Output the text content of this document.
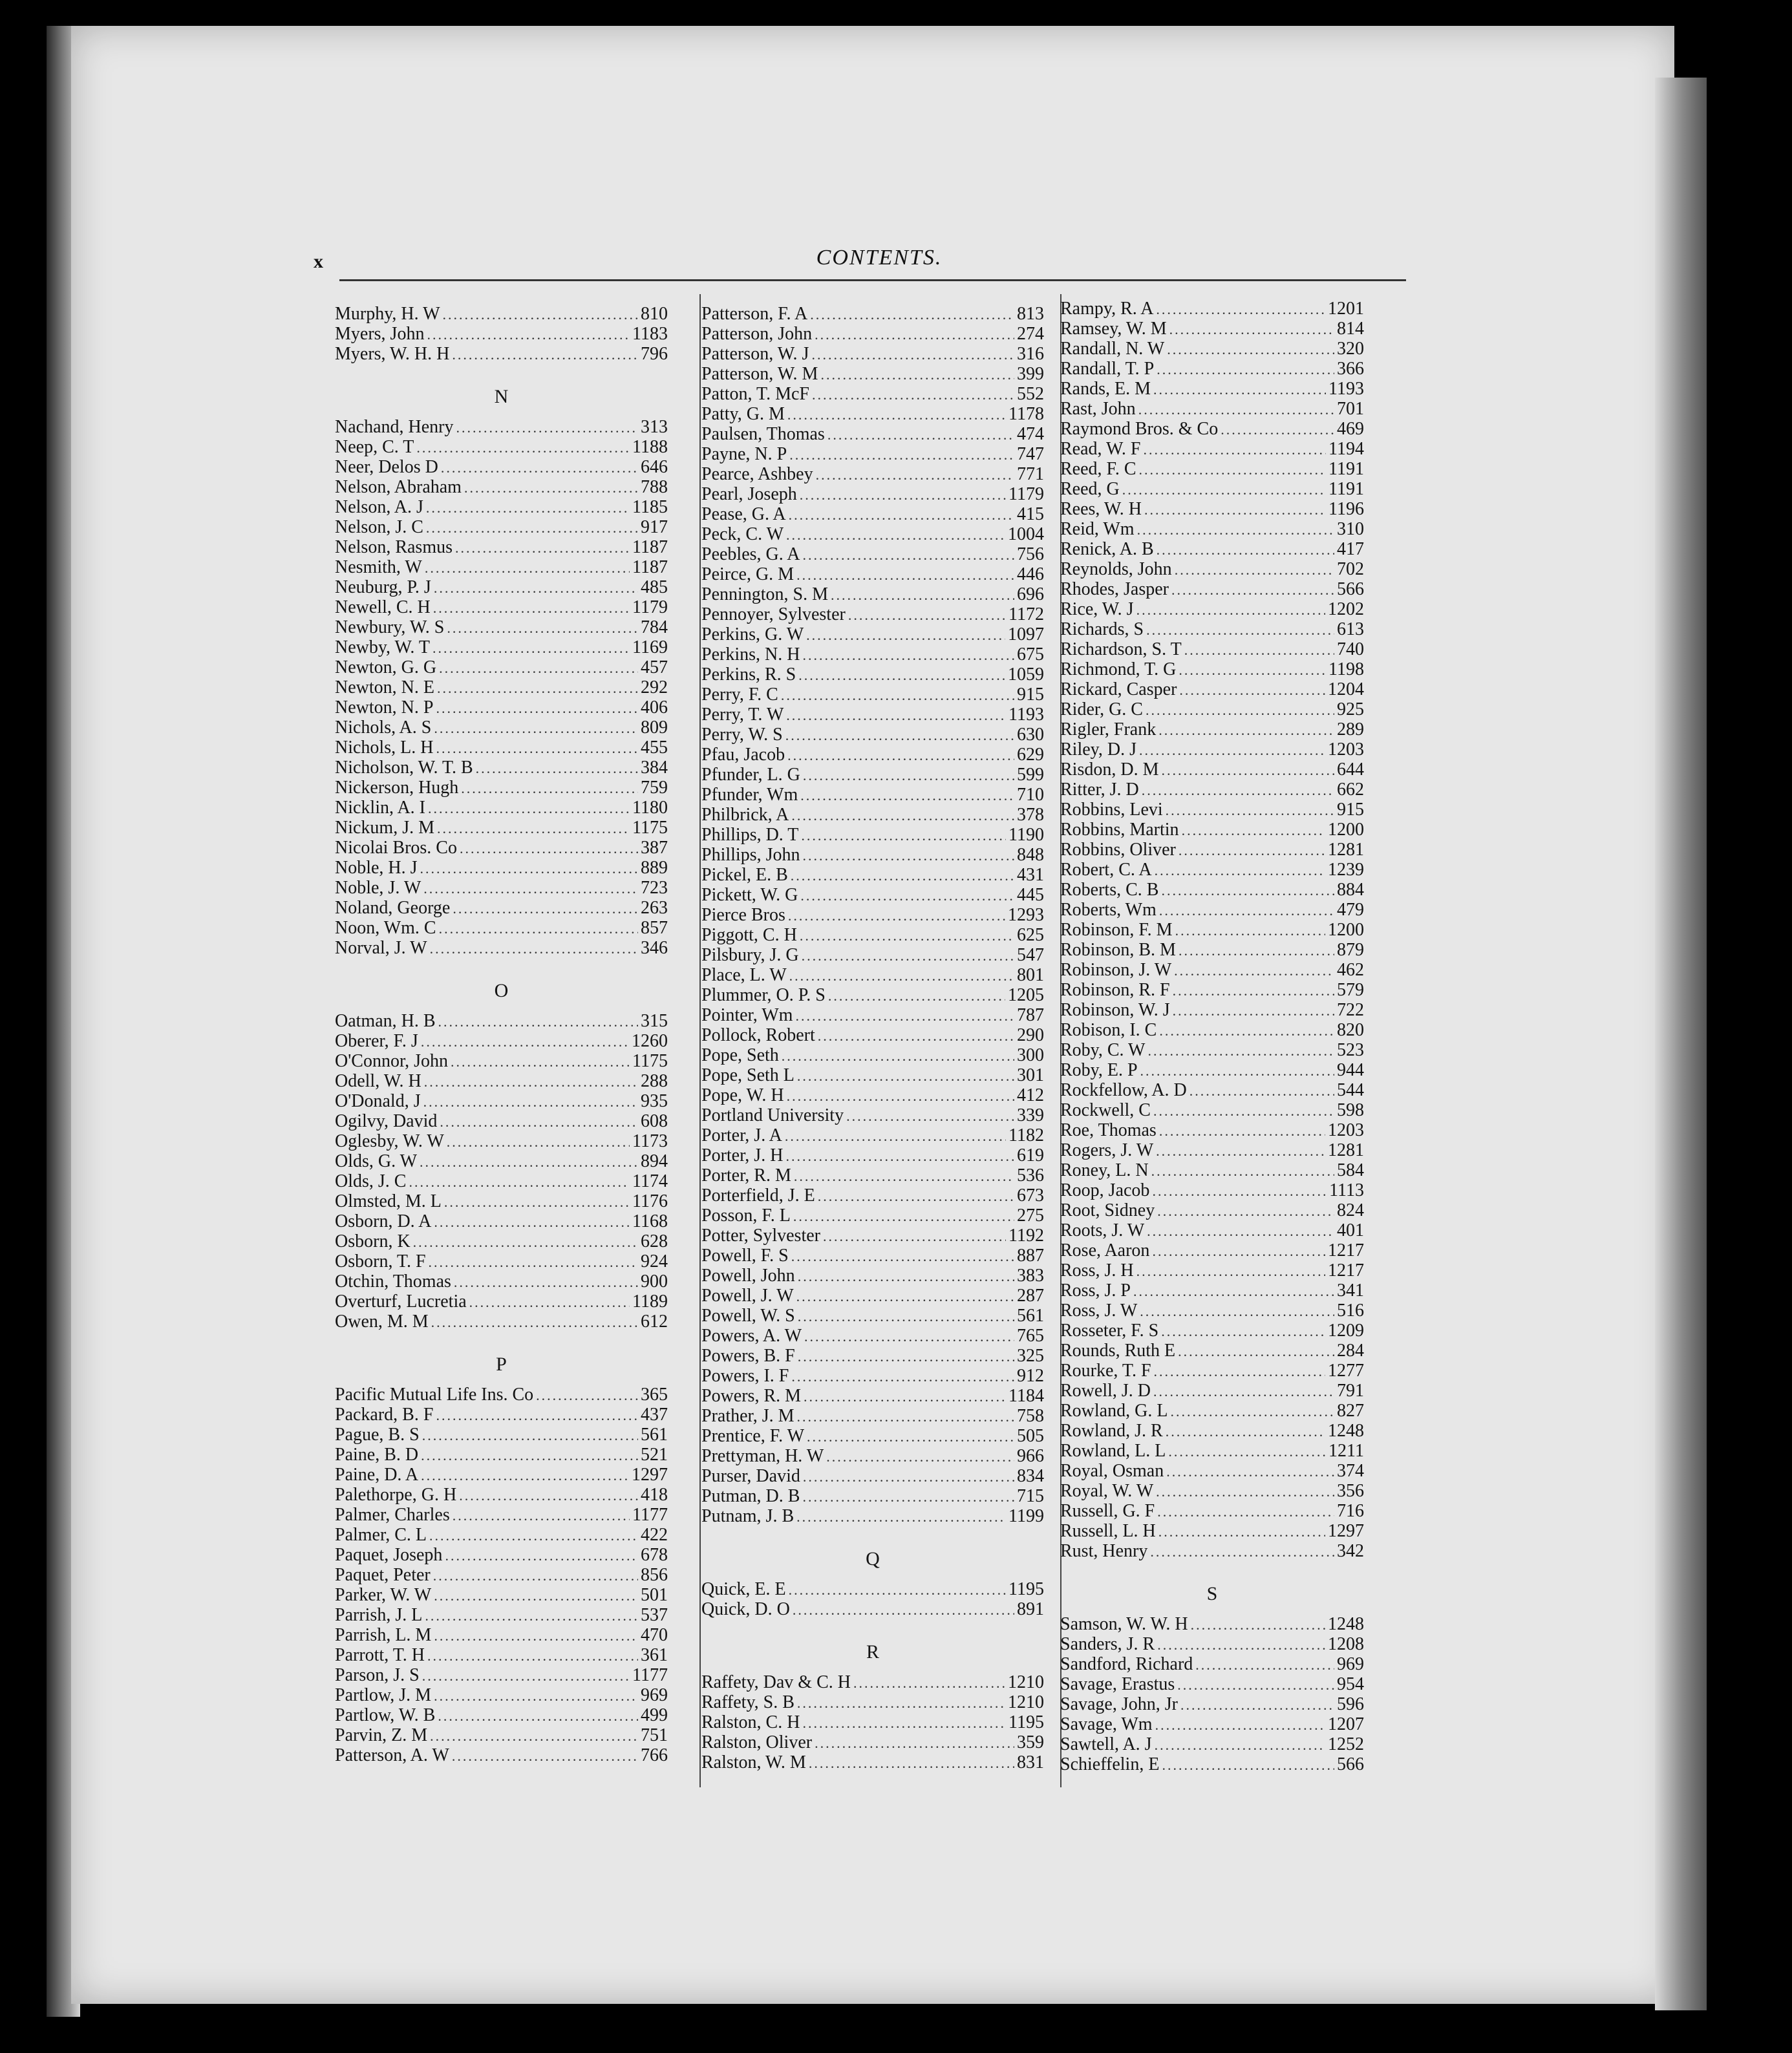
x	CONTENTS.
Murphy, H. W .....	810
Myers, John .....	1183
Myers, W. H. H .....	796
N
Nachand, Henry .....	313
Neep, C. T .....	1188
Neer, Delos D .....	646
Nelson, Abraham .....	788
Nelson, A. J .....	1185
Nelson, J. C .....	917
Nelson, Rasmus .....	1187
Nesmith, W .....	1187
Neuburg, P. J .....	485
Newell, C. H .....	1179
Newbury, W. S .....	784
Newby, W. T .....	1169
Newton, G. G .....	457
Newton, N. E .....	292
Newton, N. P .....	406
Nichols, A. S .....	809
Nichols, L. H .....	455
Nicholson, W. T. B .....	384
Nickerson, Hugh .....	759
Nicklin, A. I .....	1180
Nickum, J. M .....	1175
Nicolai Bros. Co .....	387
Noble, H. J .....	889
Noble, J. W .....	723
Noland, George .....	263
Noon, Wm. C .....	857
Norval, J. W .....	346
O
Oatman, H. B .....	315
Oberer, F. J .....	1260
O'Connor, John .....	1175
Odell, W. H .....	288
O'Donald, J .....	935
Ogilvy, David .....	608
Oglesby, W. W .....	1173
Olds, G. W .....	894
Olds, J. C .....	1174
Olmsted, M. L .....	1176
Osborn, D. A .....	1168
Osborn, K .....	628
Osborn, T. F .....	924
Otchin, Thomas .....	900
Overturf, Lucretia .....	1189
Owen, M. M .....	612
P
Pacific Mutual Life Ins. Co .....	365
Packard, B. F .....	437
Pague, B. S .....	561
Paine, B. D .....	521
Paine, D. A .....	1297
Palethorpe, G. H .....	418
Palmer, Charles .....	1177
Palmer, C. L .....	422
Paquet, Joseph .....	678
Paquet, Peter .....	856
Parker, W. W .....	501
Parrish, J. L .....	537
Parrish, L. M .....	470
Parrott, T. H .....	361
Parson, J. S .....	1177
Partlow, J. M .....	969
Partlow, W. B .....	499
Parvin, Z. M .....	751
Patterson, A. W .....	766
Patterson, F. A .....	813
Patterson, John .....	274
Patterson, W. J .....	316
Patterson, W. M .....	399
Patton, T. McF .....	552
Patty, G. M .....	1178
Paulsen, Thomas .....	474
Payne, N. P .....	747
Pearce, Ashbey .....	771
Pearl, Joseph .....	1179
Pease, G. A .....	415
Peck, C. W .....	1004
Peebles, G. A .....	756
Peirce, G. M .....	446
Pennington, S. M .....	696
Pennoyer, Sylvester .....	1172
Perkins, G. W .....	1097
Perkins, N. H .....	675
Perkins, R. S .....	1059
Perry, F. C .....	915
Perry, T. W .....	1193
Perry, W. S .....	630
Pfau, Jacob .....	629
Pfunder, L. G .....	599
Pfunder, Wm .....	710
Philbrick, A .....	378
Phillips, D. T .....	1190
Phillips, John .....	848
Pickel, E. B .....	431
Pickett, W. G .....	445
Pierce Bros .....	1293
Piggott, C. H .....	625
Pilsbury, J. G .....	547
Place, L. W .....	801
Plummer, O. P. S .....	1205
Pointer, Wm .....	787
Pollock, Robert .....	290
Pope, Seth .....	300
Pope, Seth L .....	301
Pope, W. H .....	412
Portland University .....	339
Porter, J. A .....	1182
Porter, J. H .....	619
Porter, R. M .....	536
Porterfield, J. E .....	673
Posson, F. L .....	275
Potter, Sylvester .....	1192
Powell, F. S .....	887
Powell, John .....	383
Powell, J. W .....	287
Powell, W. S .....	561
Powers, A. W .....	765
Powers, B. F .....	325
Powers, I. F .....	912
Powers, R. M .....	1184
Prather, J. M .....	758
Prentice, F. W .....	505
Prettyman, H. W .....	966
Purser, David .....	834
Putman, D. B .....	715
Putnam, J. B .....	1199
Q
Quick, E. E .....	1195
Quick, D. O .....	891
R
Raffety, Dav & C. H .....	1210
Raffety, S. B .....	1210
Ralston, C. H .....	1195
Ralston, Oliver .....	359
Ralston, W. M .....	831
Rampy, R. A .....	1201
Ramsey, W. M .....	814
Randall, N. W .....	320
Randall, T. P .....	366
Rands, E. M .....	1193
Rast, John .....	701
Raymond Bros. & Co .....	469
Read, W. F .....	1194
Reed, F. C .....	1191
Reed, G .....	1191
Rees, W. H .....	1196
Reid, Wm .....	310
Renick, A. B .....	417
Reynolds, John .....	702
Rhodes, Jasper .....	566
Rice, W. J .....	1202
Richards, S .....	613
Richardson, S. T .....	740
Richmond, T. G .....	1198
Rickard, Casper .....	1204
Rider, G. C .....	925
Rigler, Frank .....	289
Riley, D. J .....	1203
Risdon, D. M .....	644
Ritter, J. D .....	662
Robbins, Levi .....	915
Robbins, Martin .....	1200
Robbins, Oliver .....	1281
Robert, C. A .....	1239
Roberts, C. B .....	884
Roberts, Wm .....	479
Robinson, F. M .....	1200
Robinson, B. M .....	879
Robinson, J. W .....	462
Robinson, R. F .....	579
Robinson, W. J .....	722
Robison, I. C .....	820
Roby, C. W .....	523
Roby, E. P .....	944
Rockfellow, A. D .....	544
Rockwell, C .....	598
Roe, Thomas .....	1203
Rogers, J. W .....	1281
Roney, L. N .....	584
Roop, Jacob .....	1113
Root, Sidney .....	824
Roots, J. W .....	401
Rose, Aaron .....	1217
Ross, J. H .....	1217
Ross, J. P .....	341
Ross, J. W .....	516
Rosseter, F. S .....	1209
Rounds, Ruth E .....	284
Rourke, T. F .....	1277
Rowell, J. D .....	791
Rowland, G. L .....	827
Rowland, J. R .....	1248
Rowland, L. L .....	1211
Royal, Osman .....	374
Royal, W. W .....	356
Russell, G. F .....	716
Russell, L. H .....	1297
Rust, Henry .....	342
S
Samson, W. W. H .....	1248
Sanders, J. R .....	1208
Sandford, Richard .....	969
Savage, Erastus .....	954
Savage, John, Jr .....	596
Savage, Wm .....	1207
Sawtell, A. J .....	1252
Schieffelin, E .....	566
